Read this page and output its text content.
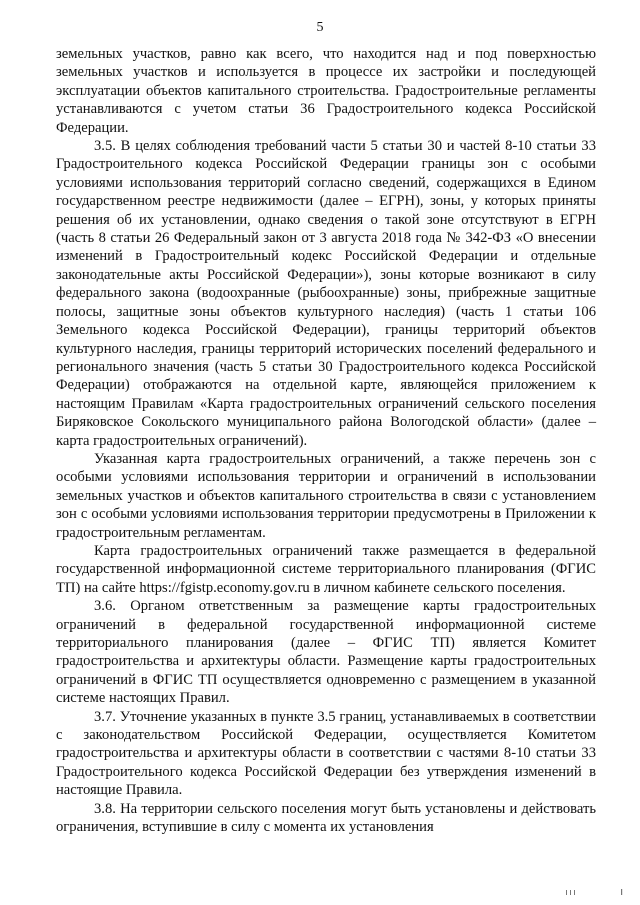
5

земельных участков, равно как всего, что находится над и под поверхностью земельных участков и используется в процессе их застройки и последующей эксплуатации объектов капитального строительства. Градостроительные регламенты устанавливаются с учетом статьи 36 Градостроительного кодекса Российской Федерации.

3.5. В целях соблюдения требований части 5 статьи 30 и частей 8-10 статьи 33 Градостроительного кодекса Российской Федерации границы зон с особыми условиями использования территорий согласно сведений, содержащихся в Едином государственном реестре недвижимости (далее – ЕГРН), зоны, у которых приняты решения об их установлении, однако сведения о такой зоне отсутствуют в ЕГРН (часть 8 статьи 26 Федеральный закон от 3 августа 2018 года № 342-ФЗ «О внесении изменений в Градостроительный кодекс Российской Федерации и отдельные законодательные акты Российской Федерации»), зоны которые возникают в силу федерального закона (водоохранные (рыбоохранные) зоны, прибрежные защитные полосы, защитные зоны объектов культурного наследия) (часть 1 статьи 106 Земельного кодекса Российской Федерации), границы территорий объектов культурного наследия, границы территорий исторических поселений федерального и регионального значения (часть 5 статьи 30 Градостроительного кодекса Российской Федерации) отображаются на отдельной карте, являющейся приложением к настоящим Правилам «Карта градостроительных ограничений сельского поселения Биряковское Сокольского муниципального района Вологодской области» (далее – карта градостроительных ограничений).

Указанная карта градостроительных ограничений, а также перечень зон с особыми условиями использования территории и ограничений в использовании земельных участков и объектов капитального строительства в связи с установлением зон с особыми условиями использования территории предусмотрены в Приложении к градостроительным регламентам.

Карта градостроительных ограничений также размещается в федеральной государственной информационной системе территориального планирования (ФГИС ТП) на сайте https://fgistp.economy.gov.ru в личном кабинете сельского поселения.

3.6. Органом ответственным за размещение карты градостроительных ограничений в федеральной государственной информационной системе территориального планирования (далее – ФГИС ТП) является Комитет градостроительства и архитектуры области. Размещение карты градостроительных ограничений в ФГИС ТП осуществляется одновременно с размещением в указанной системе настоящих Правил.

3.7. Уточнение указанных в пункте 3.5 границ, устанавливаемых в соответствии с законодательством Российской Федерации, осуществляется Комитетом градостроительства и архитектуры области в соответствии с частями 8-10 статьи 33 Градостроительного кодекса Российской Федерации без утверждения изменений в настоящие Правила.

3.8. На территории сельского поселения могут быть установлены и действовать ограничения, вступившие в силу с момента их установления
